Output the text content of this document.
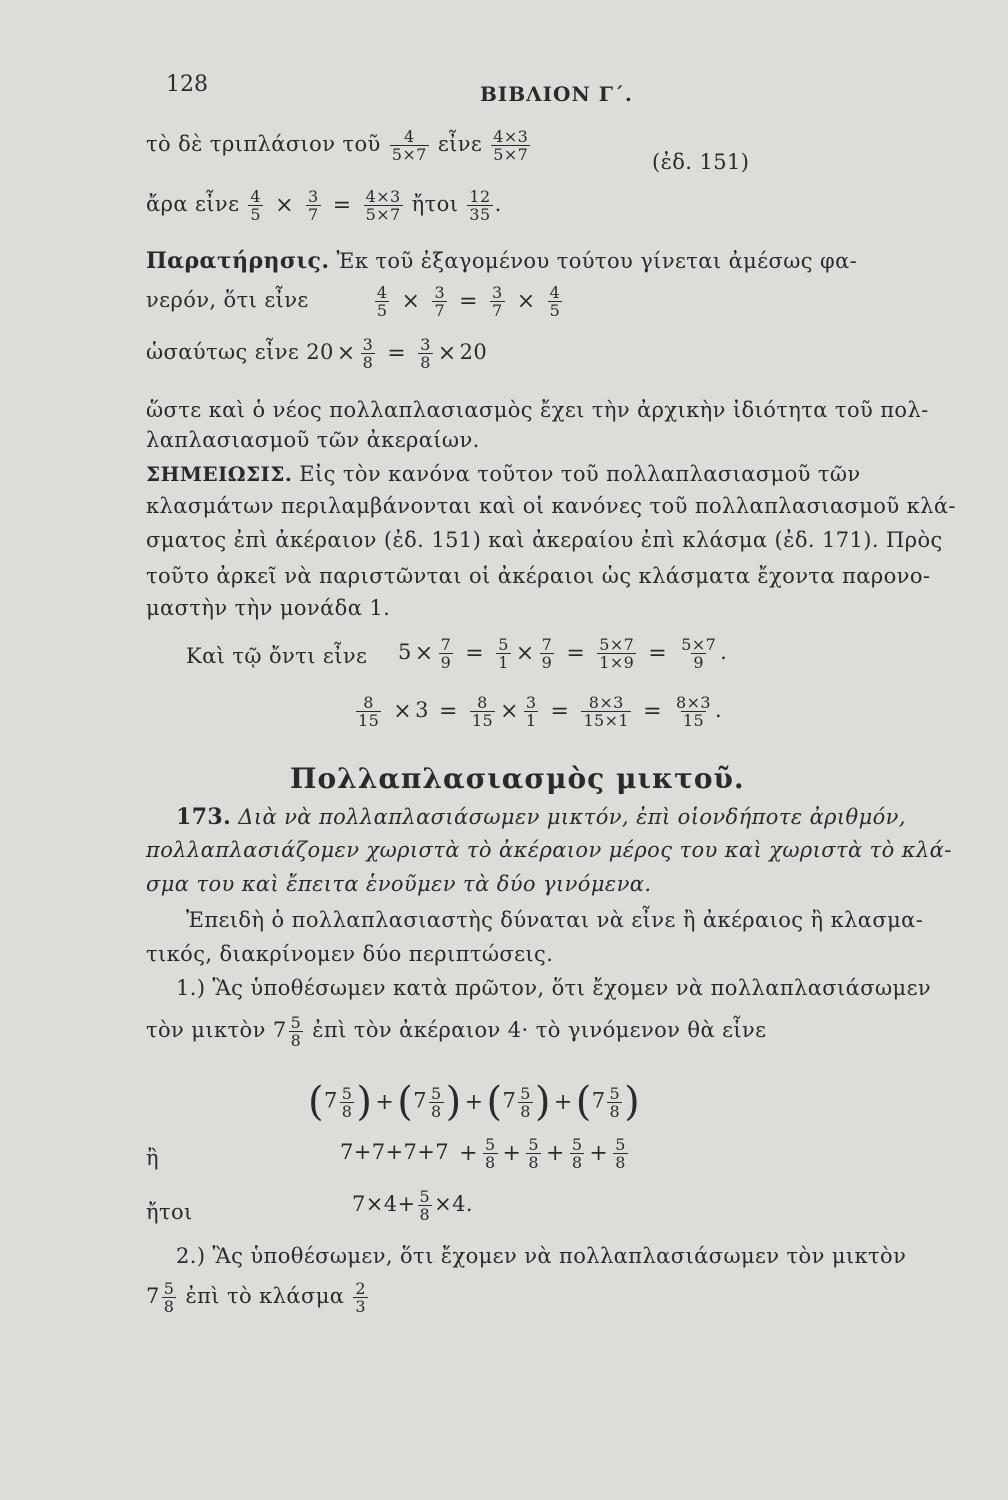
128	ΒΙΒΛΙΟΝ Γ΄.
τὸ δὲ τριπλάσιον τοῦ $\frac{4}{5\times 7}$ εἶνε $\frac{4\times 3}{5\times 7}$	(ἐδ. 151)
ἄρα εἶνε $\frac{4}{5} \times \frac{3}{7} = \frac{4\times 3}{5\times 7}$ ἤτοι $\frac{12}{35}$ .
Παρατήρησις. Ἐκ τοῦ ἐξαγομένου τούτου γίνεται ἀμέσως φα-
νερόν, ὅτι εἶνε	$\frac{4}{5} \times \frac{3}{7} = \frac{3}{7} \times \frac{4}{5}$
ὡσαύτως εἶνε $20 \times \frac{3}{8} = \frac{3}{8} \times 20$
ὥστε καὶ ὁ νέος πολλαπλασιασμὸς ἔχει τὴν ἀρχικὴν ἰδιότητα τοῦ πολ-
λαπλασιασμοῦ τῶν ἀκεραίων.
ΣΗΜΕΙΩΣΙΣ. Εἰς τὸν κανόνα τοῦτον τοῦ πολλαπλασιασμοῦ τῶν
κλασμάτων περιλαμβάνονται καὶ οἱ κανόνες τοῦ πολλαπλασιασμοῦ κλά-
σματος ἐπὶ ἀκέραιον (ἐδ. 151) καὶ ἀκεραίου ἐπὶ κλάσμα (ἐδ. 171). Πρὸς
τοῦτο ἀρκεῖ νὰ παριστῶνται οἱ ἀκέραιοι ὡς κλάσματα ἔχοντα παρονο-
μαστὴν τὴν μονάδα 1.
Καὶ τῷ ὄντι εἶνε $5 \times \frac{7}{9} = \frac{5}{1} \times \frac{7}{9} = \frac{5\times 7}{1\times 9} = \frac{5\times 7}{9}$ .
$\frac{8}{15} \times 3 = \frac{8}{15} \times \frac{3}{1} = \frac{8\times 3}{15\times 1} = \frac{8\times 3}{15}$ .
Πολλαπλασιασμὸς μικτοῦ.
173. Διὰ νὰ πολλαπλασιάσωμεν μικτόν, ἐπὶ οἱονδήποτε ἀριθμόν,
πολλαπλασιάζομεν χωριστὰ τὸ ἀκέραιον μέρος του καὶ χωριστὰ τὸ κλά-
σμα του καὶ ἔπειτα ἑνοῦμεν τὰ δύο γινόμενα.
Ἐπειδὴ ὁ πολλαπλασιαστὴς δύναται νὰ εἶνε ἢ ἀκέραιος ἢ κλασμα-
τικός, διακρίνομεν δύο περιπτώσεις.
1.) Ἃς ὑποθέσωμεν κατὰ πρῶτον, ὅτι ἔχομεν νὰ πολλαπλασιάσωμεν
τὸν μικτὸν $7 \frac{5}{8}$ ἐπὶ τὸν ἀκέραιον 4· τὸ γινόμενον θὰ εἶνε
($7 \frac{5}{8}$ ) $+(7 \frac{5}{8}$ ) $+(7 \frac{5}{8}$ ) $+(7 \frac{5}{8}$ )
ἢ	$7+7+7+7 + \frac{5}{8} + \frac{5}{8} + \frac{5}{8} + \frac{5}{8}$
ἤτοι	$7\times 4+ \frac{5}{8} \times 4$.
2.) Ἃς ὑποθέσωμεν, ὅτι ἔχομεν νὰ πολλαπλασιάσωμεν τὸν μικτὸν
$7 \frac{5}{8}$ ἐπὶ τὸ κλάσμα $\frac{2}{3}$
